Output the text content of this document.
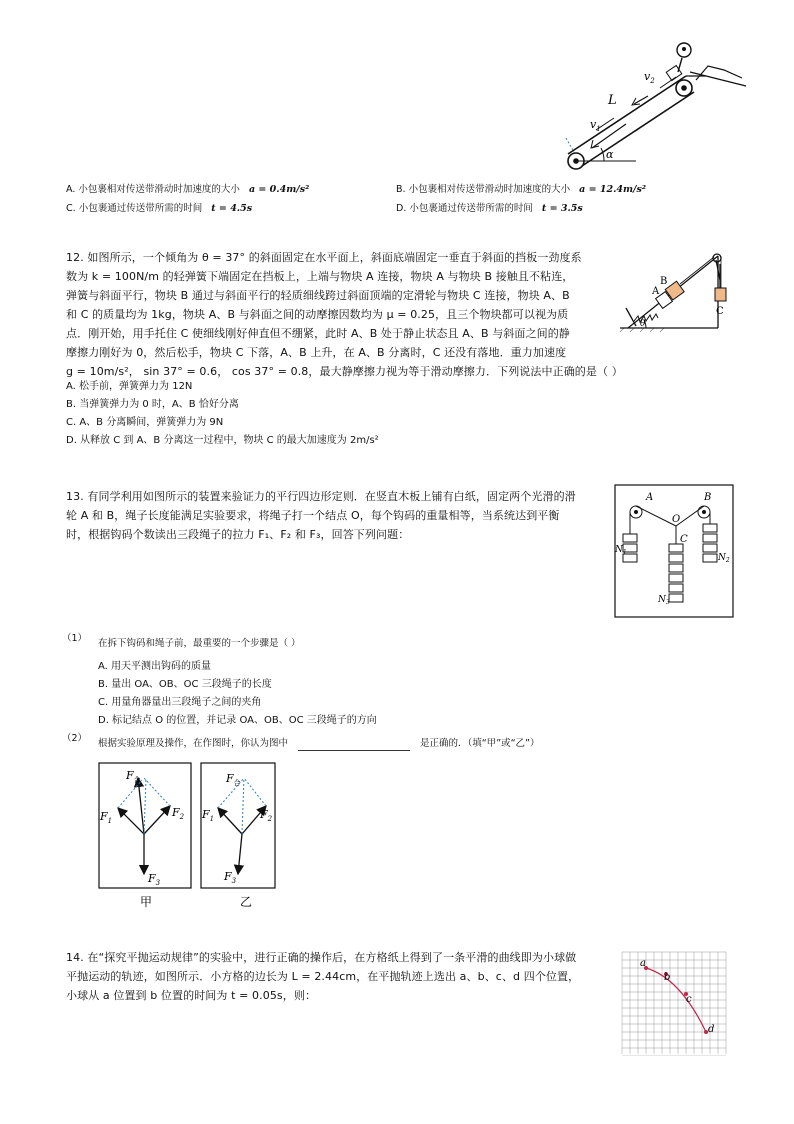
L
$v_1$
$v_2$
α
A. 小包裹相对传送带滑动时加速度的大小 a = 0.4m/s²	B. 小包裹相对传送带滑动时加速度的大小 a = 12.4m/s²
C. 小包裹通过传送带所需的时间 t = 4.5s	D. 小包裹通过传送带所需的时间 t = 3.5s
12. 如图所示，一个倾角为 θ = 37° 的斜面固定在水平面上，斜面底端固定一垂直于斜面的挡板一劲度系
数为 k = 100N/m 的轻弹簧下端固定在挡板上，上端与物块 A 连接，物块 A 与物块 B 接触且不粘连，
弹簧与斜面平行，物块 B 通过与斜面平行的轻质细线跨过斜面顶端的定滑轮与物块 C 连接，物块 A、B
和 C 的质量均为 1kg，物块 A、B 与斜面之间的动摩擦因数均为 μ = 0.25，且三个物块都可以视为质
点．刚开始，用手托住 C 使细线刚好伸直但不绷紧，此时 A、B 处于静止状态且 A、B 与斜面之间的静
摩擦力刚好为 0，然后松手，物块 C 下落，A、B 上升，在 A、B 分离时，C 还没有落地．重力加速度
g = 10m/s²， sin 37° = 0.6， cos 37° = 0.8，最大静摩擦力视为等于滑动摩擦力．下列说法中正确的是（ ）
A
B
C
θ
A. 松手前，弹簧弹力为 12N
B. 当弹簧弹力为 0 时，A、B 恰好分离
C. A、B 分离瞬间，弹簧弹力为 9N
D. 从释放 C 到 A、B 分离这一过程中，物块 C 的最大加速度为 2m/s²
13. 有同学利用如图所示的装置来验证力的平行四边形定则．在竖直木板上铺有白纸，固定两个光滑的滑
轮 A 和 B，绳子长度能满足实验要求，将绳子打一个结点 O，每个钩码的重量相等，当系统达到平衡
时，根据钩码个数读出三段绳子的拉力 F₁、F₂ 和 F₃，回答下列问题：
A	B
O
C
$N_1$
$N_2$
$N_3$
（1） 在拆下钩码和绳子前，最重要的一个步骤是（ ）
A. 用天平测出钩码的质量
B. 量出 OA、OB、OC 三段绳子的长度
C. 用量角器量出三段绳子之间的夹角
D. 标记结点 O 的位置，并记录 OA、OB、OC 三段绳子的方向
（2） 根据实验原理及操作，在作图时，你认为图中	是正确的．（填“甲”或“乙”）
$F_合$
$F_1$
$F_2$
$F_3$
甲
$F_合$
$F_1$	$F_2$
$F_3$
乙
14. 在“探究平抛运动规律”的实验中，进行正确的操作后，在方格纸上得到了一条平滑的曲线即为小球做
平抛运动的轨迹，如图所示．小方格的边长为 L = 2.44cm，在平抛轨迹上选出 a、b、c、d 四个位置，
小球从 a 位置到 b 位置的时间为 t = 0.05s，则：
a
b
c
d
